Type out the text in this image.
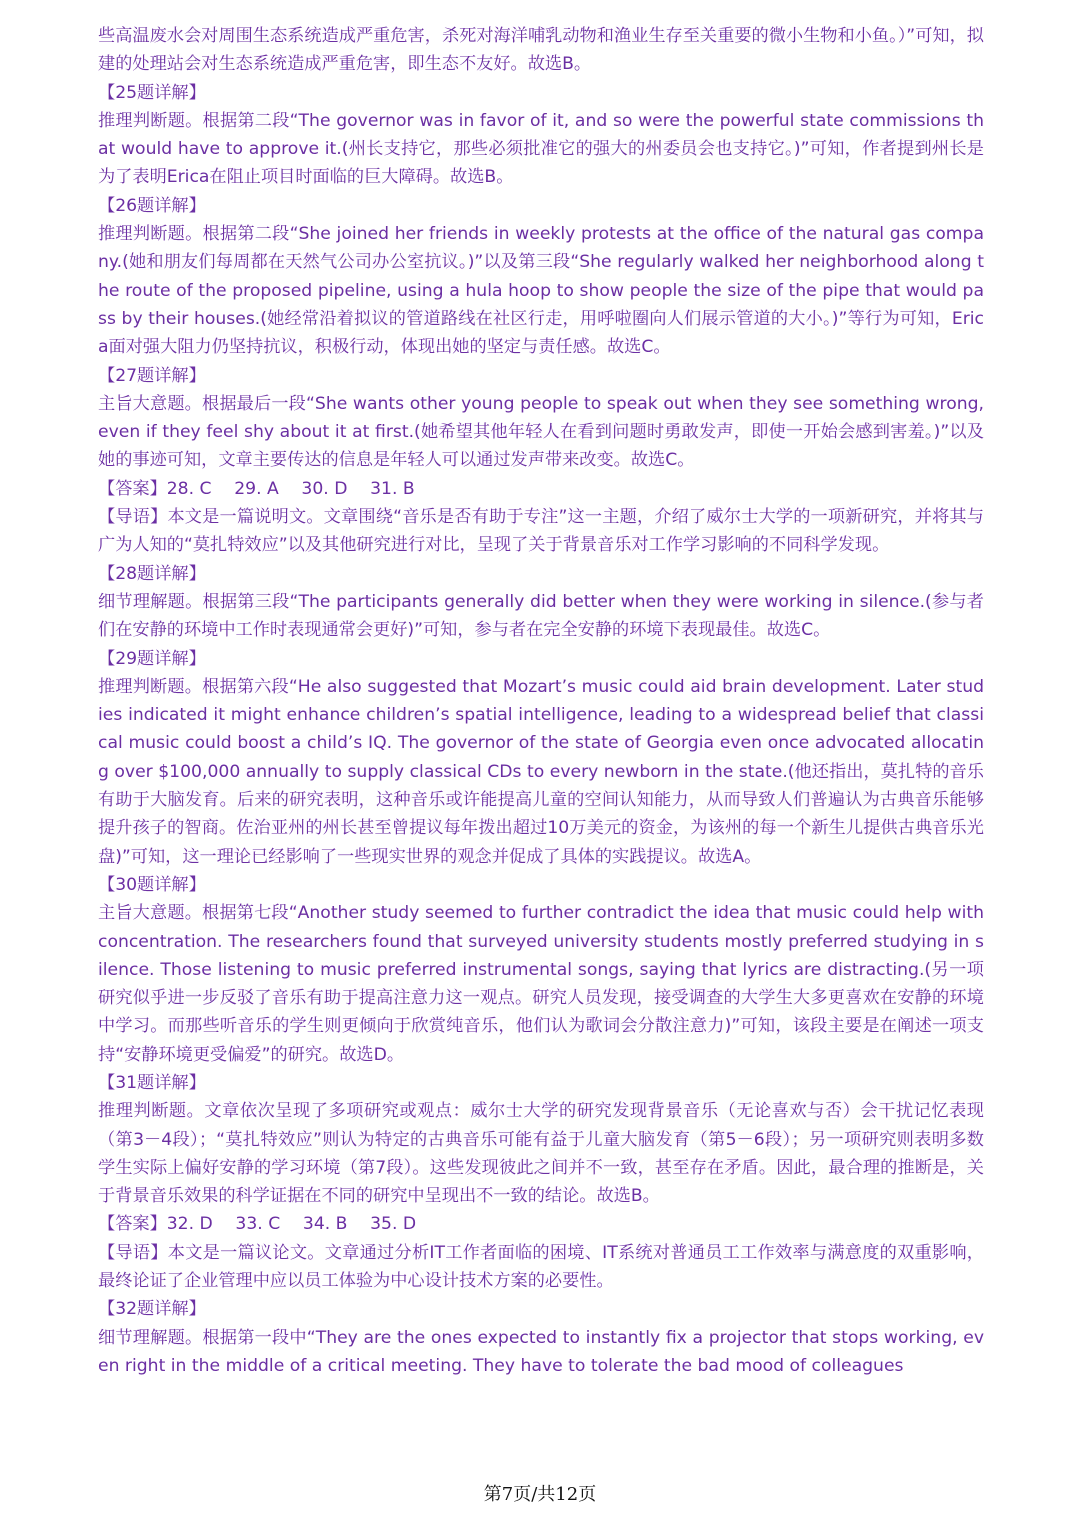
些高温废水会对周围生态系统造成严重危害，杀死对海洋哺乳动物和渔业生存至关重要的微小生物和小鱼。）”可知，拟建的处理站会对生态系统造成严重危害，即生态不友好。故选B。

【25题详解】

推理判断题。根据第二段“The governor was in favor of it, and so were the powerful state commissions that would have to approve it.(州长支持它，那些必须批准它的强大的州委员会也支持它。)”可知，作者提到州长是为了表明Erica在阻止项目时面临的巨大障碍。故选B。

【26题详解】

推理判断题。根据第二段“She joined her friends in weekly protests at the office of the natural gas company.(她和朋友们每周都在天然气公司办公室抗议。)”以及第三段“She regularly walked her neighborhood along the route of the proposed pipeline, using a hula hoop to show people the size of the pipe that would pass by their houses.(她经常沿着拟议的管道路线在社区行走，用呼啦圈向人们展示管道的大小。)”等行为可知，Erica面对强大阻力仍坚持抗议，积极行动，体现出她的坚定与责任感。故选C。

【27题详解】

主旨大意题。根据最后一段“She wants other young people to speak out when they see something wrong, even if they feel shy about it at first.(她希望其他年轻人在看到问题时勇敢发声，即使一开始会感到害羞。)”以及她的事迹可知，文章主要传达的信息是年轻人可以通过发声带来改变。故选C。

【答案】28. C　 29. A　 30. D　 31. B

【导语】本文是一篇说明文。文章围绕“音乐是否有助于专注”这一主题，介绍了威尔士大学的一项新研究，并将其与广为人知的“莫扎特效应”以及其他研究进行对比，呈现了关于背景音乐对工作学习影响的不同科学发现。

【28题详解】

细节理解题。根据第三段“The participants generally did better when they were working in silence.(参与者们在安静的环境中工作时表现通常会更好)”可知，参与者在完全安静的环境下表现最佳。故选C。

【29题详解】

推理判断题。根据第六段“He also suggested that Mozart’s music could aid brain development. Later studies indicated it might enhance children’s spatial intelligence, leading to a widespread belief that classical music could boost a child’s IQ. The governor of the state of Georgia even once advocated allocating over $100,000 annually to supply classical CDs to every newborn in the state.(他还指出，莫扎特的音乐有助于大脑发育。后来的研究表明，这种音乐或许能提高儿童的空间认知能力，从而导致人们普遍认为古典音乐能够提升孩子的智商。佐治亚州的州长甚至曾提议每年拨出超过10万美元的资金，为该州的每一个新生儿提供古典音乐光盘)”可知，这一理论已经影响了一些现实世界的观念并促成了具体的实践提议。故选A。

【30题详解】

主旨大意题。根据第七段“Another study seemed to further contradict the idea that music could help with concentration. The researchers found that surveyed university students mostly preferred studying in silence. Those listening to music preferred instrumental songs, saying that lyrics are distracting.(另一项研究似乎进一步反驳了音乐有助于提高注意力这一观点。研究人员发现，接受调查的大学生大多更喜欢在安静的环境中学习。而那些听音乐的学生则更倾向于欣赏纯音乐，他们认为歌词会分散注意力)”可知，该段主要是在阐述一项支持“安静环境更受偏爱”的研究。故选D。

【31题详解】

推理判断题。文章依次呈现了多项研究或观点：威尔士大学的研究发现背景音乐（无论喜欢与否）会干扰记忆表现（第3－4段）；“莫扎特效应”则认为特定的古典音乐可能有益于儿童大脑发育（第5－6段）；另一项研究则表明多数学生实际上偏好安静的学习环境（第7段）。这些发现彼此之间并不一致，甚至存在矛盾。因此，最合理的推断是，关于背景音乐效果的科学证据在不同的研究中呈现出不一致的结论。故选B。

【答案】32. D　 33. C　 34. B　 35. D

【导语】本文是一篇议论文。文章通过分析IT工作者面临的困境、IT系统对普通员工工作效率与满意度的双重影响，最终论证了企业管理中应以员工体验为中心设计技术方案的必要性。

【32题详解】

细节理解题。根据第一段中“They are the ones expected to instantly fix a projector that stops working, even right in the middle of a critical meeting. They have to tolerate the bad mood of colleagues

第7页/共12页
